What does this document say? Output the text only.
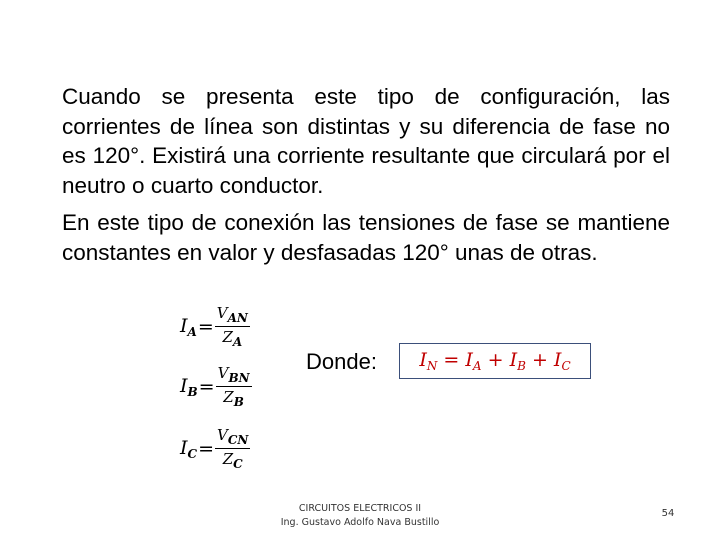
Cuando se presenta este tipo de configuración, las corrientes de línea son distintas y su diferencia de fase no es 120°. Existirá una corriente resultante que circulará por el neutro o cuarto conductor.

En este tipo de conexión las tensiones de fase se mantiene constantes en valor y desfasadas 120° unas de otras.

$I_A = \frac{V_{AN}}{Z_A}$
$I_B = \frac{V_{BN}}{Z_B}$
$I_C = \frac{V_{CN}}{Z_C}$
Donde: $I_N = I_A + I_B + I_C$
CIRCUITOS ELECTRICOS II
Ing. Gustavo Adolfo Nava Bustillo
54
